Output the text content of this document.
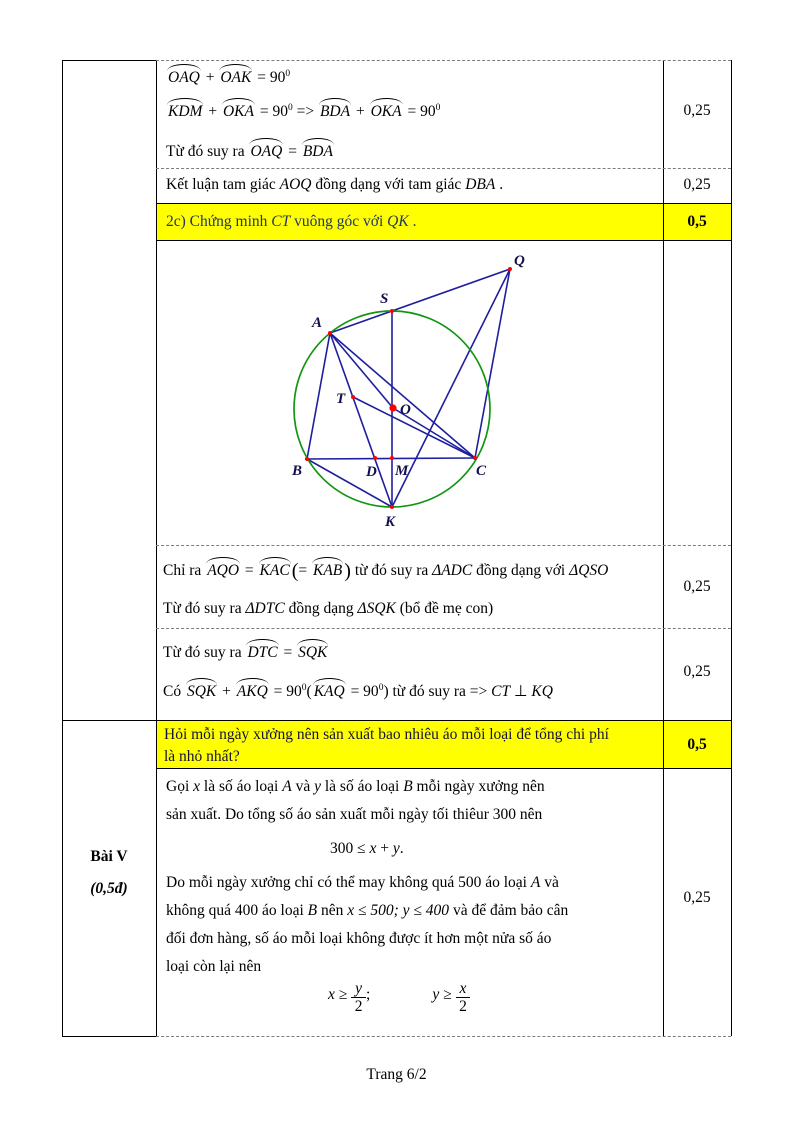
OAQ + OAK = $90^0$
KDM + OKA = $90^0$ => BDA + OKA = $90^0$
Từ đó suy ra OAQ = BDA
0,25
Kết luận tam giác AOQ đồng dạng với tam giác DBA .	0,25
2c) Chứng minh CT vuông góc với QK .	0,5
Q
S
A
T
O
B	D M	C
K
Chỉ ra AQO = KAC (= KAB ) từ đó suy ra ΔADC đồng dạng với ΔQSO
Từ đó suy ra ΔDTC đồng dạng ΔSQK (bổ đề mẹ con)
0,25
Từ đó suy ra DTC = SQK
Có SQK + AKQ = $90^0$( KAQ = $90^0$) từ đó suy ra => CT ⊥ KQ
0,25
Hỏi mỗi ngày xưởng nên sản xuất bao nhiêu áo mỗi loại để tổng chi phí
là nhỏ nhất?
0,5
Bài V
(0,5đ)
Gọi x là số áo loại A và y là số áo loại B mỗi ngày xưởng nên
sản xuất. Do tổng số áo sản xuất mỗi ngày tối thiêur 300 nên
300 ≤ x + y.
Do mỗi ngày xưởng chỉ có thể may không quá 500 áo loại A và
không quá 400 áo loại B nên x ≤ 500; y ≤ 400 và để đảm bảo cân
đối đơn hàng, số áo mỗi loại không được ít hơn một nửa số áo
loại còn lại nên
$x \ge \frac{y}{2}$ ;	$y \ge \frac{x}{2}$
0,25
Trang 6/2
